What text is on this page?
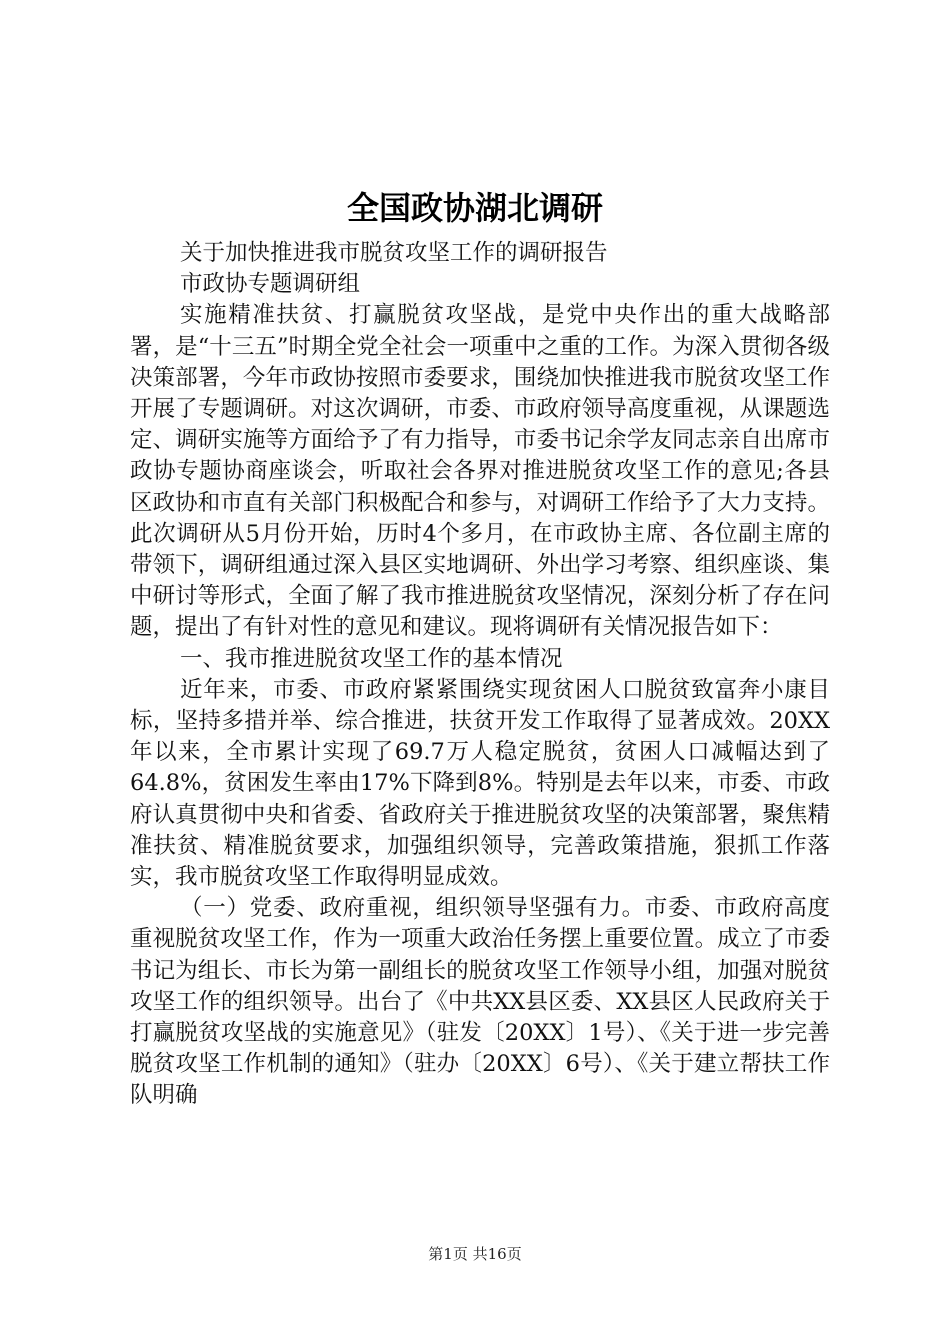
全国政协湖北调研

关于加快推进我市脱贫攻坚工作的调研报告

市政协专题调研组

实施精准扶贫、打赢脱贫攻坚战，是党中央作出的重大战略部署，是“十三五”时期全党全社会一项重中之重的工作。为深入贯彻各级决策部署，今年市政协按照市委要求，围绕加快推进我市脱贫攻坚工作开展了专题调研。对这次调研，市委、市政府领导高度重视，从课题选定、调研实施等方面给予了有力指导，市委书记余学友同志亲自出席市政协专题协商座谈会，听取社会各界对推进脱贫攻坚工作的意见;各县区政协和市直有关部门积极配合和参与，对调研工作给予了大力支持。此次调研从5月份开始，历时4个多月，在市政协主席、各位副主席的带领下，调研组通过深入县区实地调研、外出学习考察、组织座谈、集中研讨等形式，全面了解了我市推进脱贫攻坚情况，深刻分析了存在问题，提出了有针对性的意见和建议。现将调研有关情况报告如下：

一、我市推进脱贫攻坚工作的基本情况

近年来，市委、市政府紧紧围绕实现贫困人口脱贫致富奔小康目标，坚持多措并举、综合推进，扶贫开发工作取得了显著成效。20XX年以来，全市累计实现了69.7万人稳定脱贫，贫困人口减幅达到了64.8%，贫困发生率由17%下降到8%。特别是去年以来，市委、市政府认真贯彻中央和省委、省政府关于推进脱贫攻坚的决策部署，聚焦精准扶贫、精准脱贫要求，加强组织领导，完善政策措施，狠抓工作落实，我市脱贫攻坚工作取得明显成效。

（一）党委、政府重视，组织领导坚强有力。市委、市政府高度重视脱贫攻坚工作，作为一项重大政治任务摆上重要位置。成立了市委书记为组长、市长为第一副组长的脱贫攻坚工作领导小组，加强对脱贫攻坚工作的组织领导。出台了《中共XX县区委、XX县区人民政府关于打赢脱贫攻坚战的实施意见》（驻发〔20XX〕1号）、《关于进一步完善脱贫攻坚工作机制的通知》（驻办〔20XX〕6号）、《关于建立帮扶工作队明确

第1页 共16页
